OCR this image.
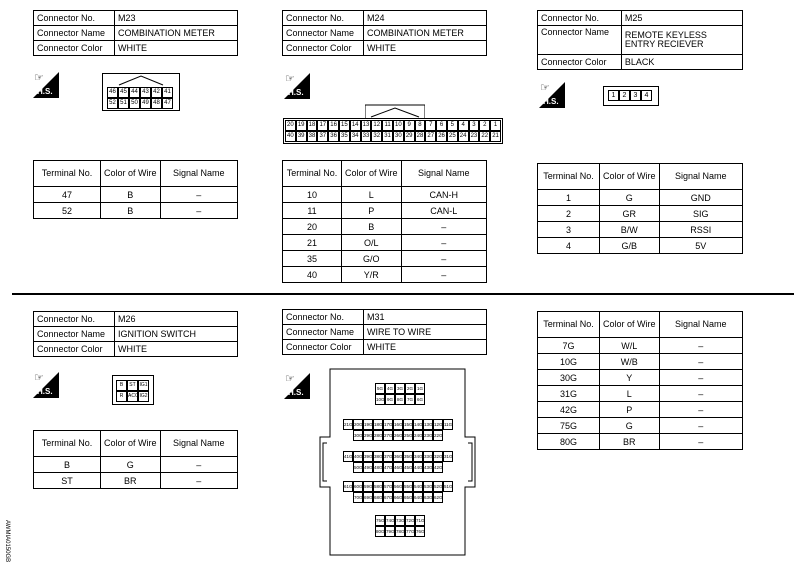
Connector No.	M23
Connector Name	COMBINATION METER
Connector Color	WHITE
☞
H.S.	46 45 44 43 42 41
52 51 50 49 48 47
Terminal No.	Color of Wire	Signal Name
47	B	–
52	B	–
Connector No.	M24
Connector Name	COMBINATION METER
Connector Color	WHITE
☞
H.S.
20 19 18 17 16 15 14 13 12 11 10 9	8	7	6	5	4	3	2	1
40 39 38 37 36 35 34 33 32 31 30 29 28 27 26 25 24 23 22 21
Terminal No.	Color of Wire	Signal Name
10	L	CAN-H
11	P	CAN-L
20	B	–
21	O/L	–
35	G/O	–
40	Y/R	–
Connector No.	M25
Connector Name	REMOTE KEYLESS ENTRY RECIEVER
Connector Color	BLACK
☞
H.S.
1	2	3	4
Terminal No.	Color of Wire	Signal Name
1	G	GND
2	GR	SIG
3	B/W	RSSI
4	G/B	5V
Connector No.	M26
Connector Name	IGNITION SWITCH
Connector Color	WHITE
☞
H.S.
B	ST IG1
R ACC IG2
Terminal No.	Color of Wire	Signal Name
B	G	–
ST	BR	–
Connector No.	M31
Connector Name	WIRE TO WIRE
Connector Color	WHITE
☞
H.S.	5G 4G 3G 2G 1G
10G 9G 8G 7G 6G
21G 20G 19G 18G 17G 16G 15G 14G 13G 12G 11G
30G 29G 28G 27G 26G 25G 24G 23G 22G
41G 40G 39G 38G 37G 36G 35G 34G 33G 32G 31G
50G 49G 48G 47G 46G 45G 44G 43G 42G
61G 60G 59G 58G 57G 56G 55G 54G 53G 52G 51G
70G 69G 68G 67G 66G 65G 64G 63G 62G
75G 74G 73G 72G 71G
80G 79G 78G 77G 76G
Terminal No.	Color of Wire	Signal Name
7G	W/L	–
10G	W/B	–
30G	Y	–
31G	L	–
42G	P	–
75G	G	–
80G	BR	–
AWMIA0150GB
